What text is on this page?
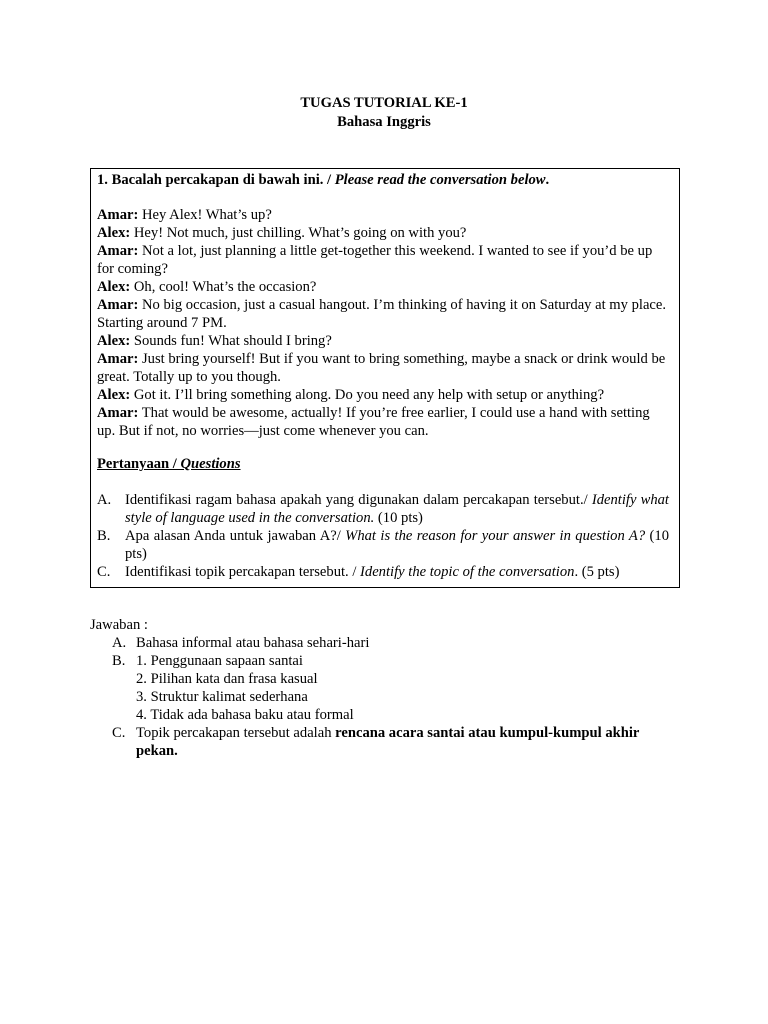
TUGAS TUTORIAL KE-1
Bahasa Inggris
1. Bacalah percakapan di bawah ini. / Please read the conversation below.

Amar: Hey Alex! What’s up?

Alex: Hey! Not much, just chilling. What’s going on with you?

Amar: Not a lot, just planning a little get-together this weekend. I wanted to see if you’d be up for coming?

Alex: Oh, cool! What’s the occasion?

Amar: No big occasion, just a casual hangout. I’m thinking of having it on Saturday at my place. Starting around 7 PM.

Alex: Sounds fun! What should I bring?

Amar: Just bring yourself! But if you want to bring something, maybe a snack or drink would be great. Totally up to you though.

Alex: Got it. I’ll bring something along. Do you need any help with setup or anything?

Amar: That would be awesome, actually! If you’re free earlier, I could use a hand with setting up. But if not, no worries—just come whenever you can.

Pertanyaan / Questions
A. Identifikasi ragam bahasa apakah yang digunakan dalam percakapan tersebut./ Identify what style of language used in the conversation. (10 pts)
B.	Apa alasan Anda untuk jawaban A?/ What is the reason for your answer in question A? (10 pts)
C.	Identifikasi topik percakapan tersebut. / Identify the topic of the conversation. (5 pts)

Jawaban :

A. Bahasa informal atau bahasa sehari-hari
B. 1. Penggunaan sapaan santai
2. Pilihan kata dan frasa kasual
3. Struktur kalimat sederhana
4. Tidak ada bahasa baku atau formal
C. Topik percakapan tersebut adalah rencana acara santai atau kumpul-kumpul akhir pekan.
